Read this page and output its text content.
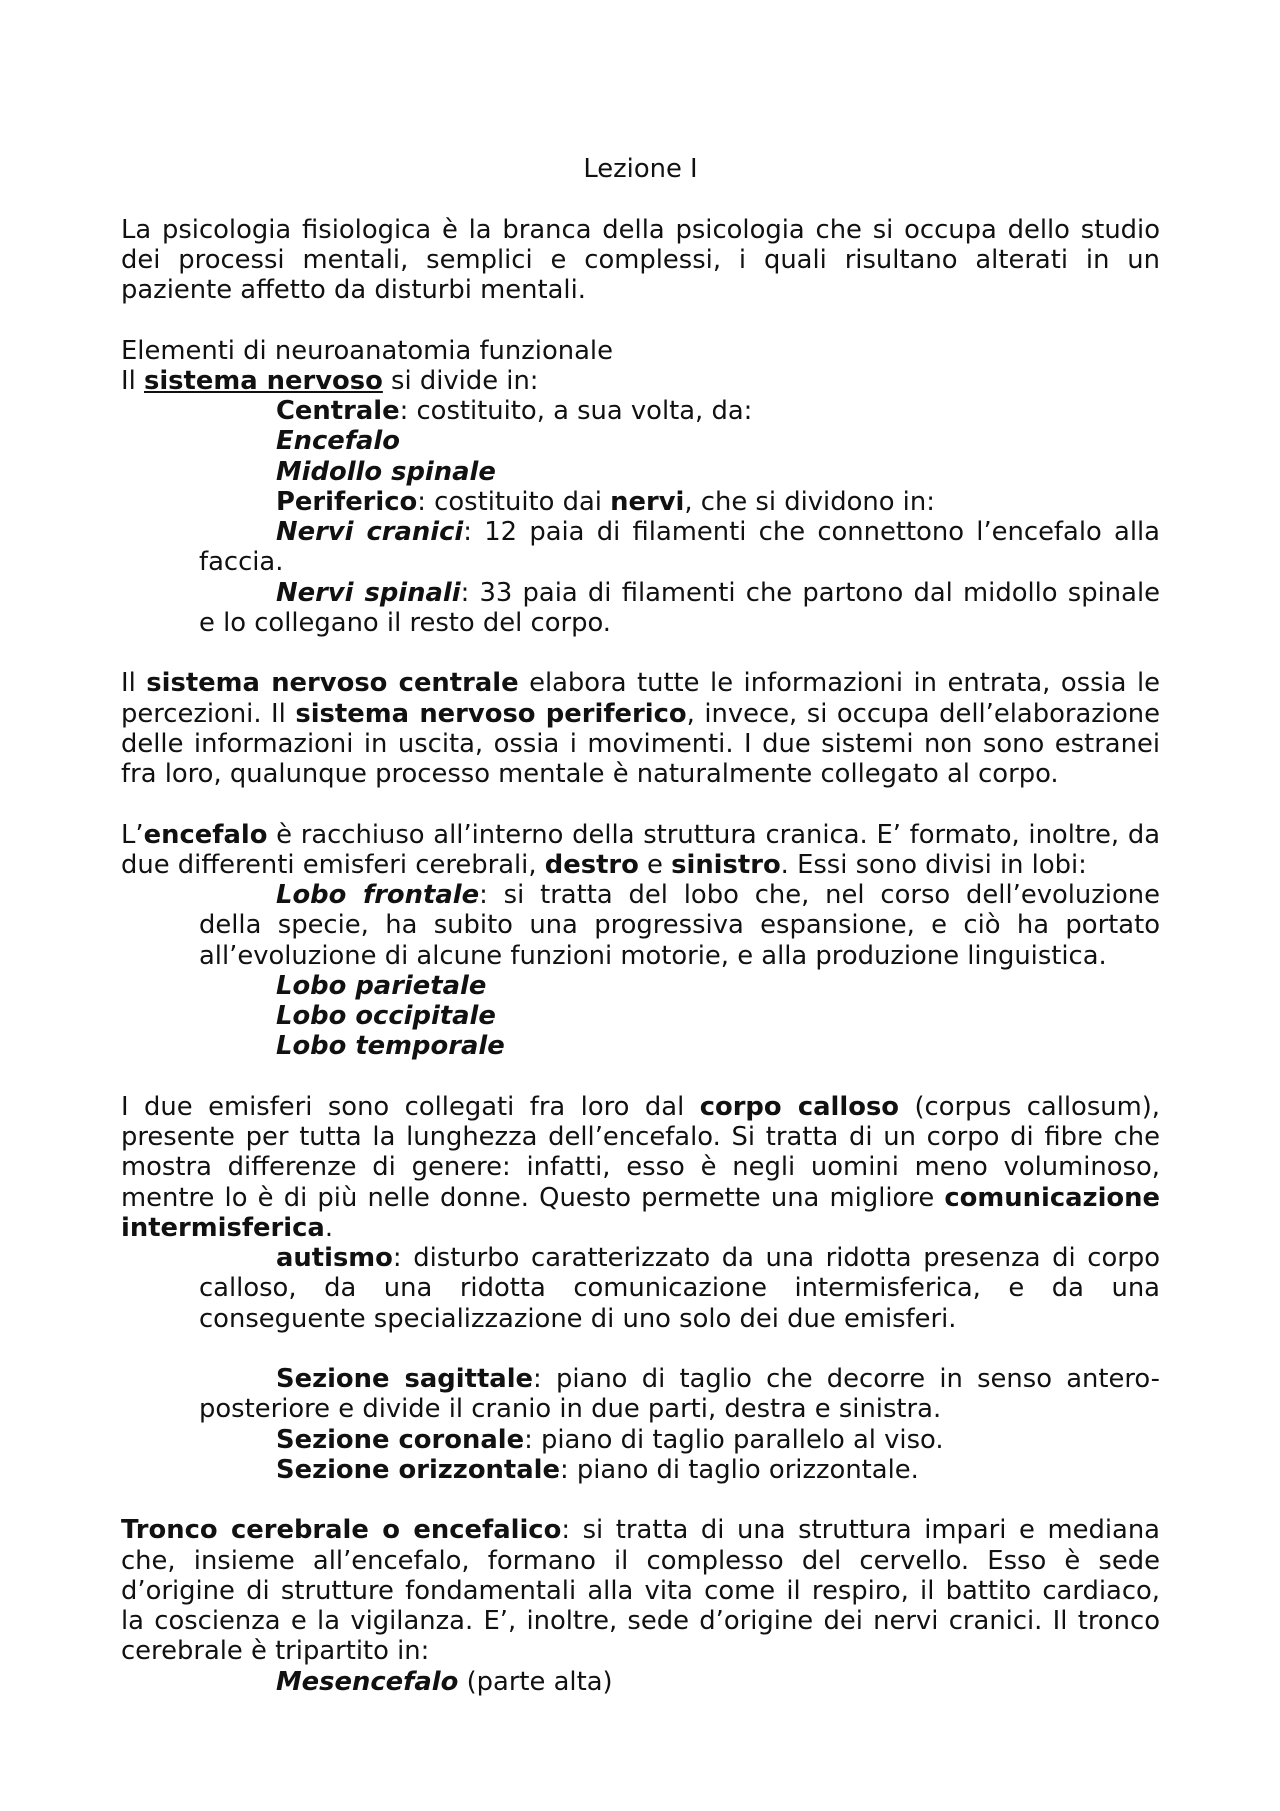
Lezione I
La psicologia fisiologica è la branca della psicologia che si occupa dello studio
dei processi mentali, semplici e complessi, i quali risultano alterati in un
paziente affetto da disturbi mentali.
Elementi di neuroanatomia funzionale
Il sistema nervoso si divide in:
Centrale: costituito, a sua volta, da:
Encefalo
Midollo spinale
Periferico: costituito dai nervi, che si dividono in:
Nervi cranici: 12 paia di filamenti che connettono l’encefalo alla
faccia.
Nervi spinali: 33 paia di filamenti che partono dal midollo spinale
e lo collegano il resto del corpo.
Il sistema nervoso centrale elabora tutte le informazioni in entrata, ossia le
percezioni. Il sistema nervoso periferico, invece, si occupa dell’elaborazione
delle informazioni in uscita, ossia i movimenti. I due sistemi non sono estranei
fra loro, qualunque processo mentale è naturalmente collegato al corpo.
L’encefalo è racchiuso all’interno della struttura cranica. E’ formato, inoltre, da
due differenti emisferi cerebrali, destro e sinistro. Essi sono divisi in lobi:
Lobo frontale: si tratta del lobo che, nel corso dell’evoluzione
della specie, ha subito una progressiva espansione, e ciò ha portato
all’evoluzione di alcune funzioni motorie, e alla produzione linguistica.
Lobo parietale
Lobo occipitale
Lobo temporale
I due emisferi sono collegati fra loro dal corpo calloso (corpus callosum),
presente per tutta la lunghezza dell’encefalo. Si tratta di un corpo di fibre che
mostra differenze di genere: infatti, esso è negli uomini meno voluminoso,
mentre lo è di più nelle donne. Questo permette una migliore comunicazione
intermisferica.
autismo: disturbo caratterizzato da una ridotta presenza di corpo
calloso, da una ridotta comunicazione intermisferica, e da una
conseguente specializzazione di uno solo dei due emisferi.
Sezione sagittale: piano di taglio che decorre in senso antero-
posteriore e divide il cranio in due parti, destra e sinistra.
Sezione coronale: piano di taglio parallelo al viso.
Sezione orizzontale: piano di taglio orizzontale.
Tronco cerebrale o encefalico: si tratta di una struttura impari e mediana
che, insieme all’encefalo, formano il complesso del cervello. Esso è sede
d’origine di strutture fondamentali alla vita come il respiro, il battito cardiaco,
la coscienza e la vigilanza. E’, inoltre, sede d’origine dei nervi cranici. Il tronco
cerebrale è tripartito in:
Mesencefalo (parte alta)
